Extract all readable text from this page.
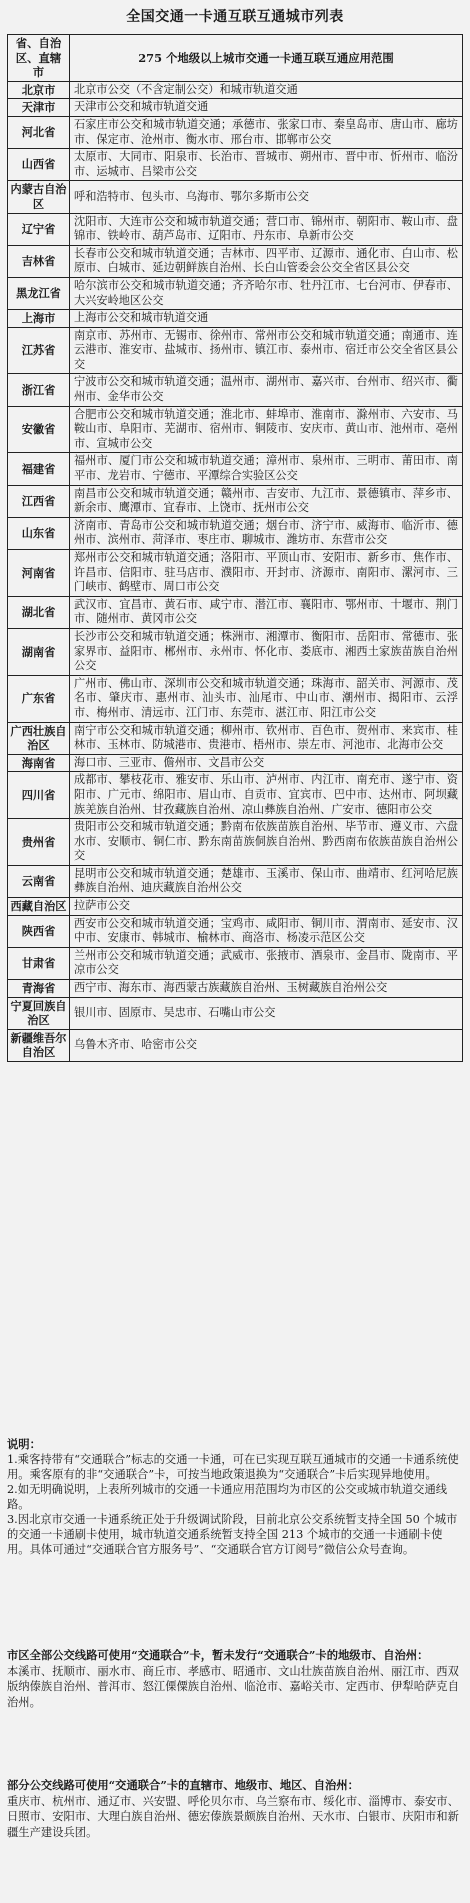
全国交通一卡通互联互通城市列表
省、自治区、直辖市	275 个地级以上城市交通一卡通互联互通应用范围
北京市	北京市公交（不含定制公交）和城市轨道交通
天津市	天津市公交和城市轨道交通
河北省	石家庄市公交和城市轨道交通；承德市、张家口市、秦皇岛市、唐山市、廊坊市、保定市、沧州市、衡水市、邢台市、邯郸市公交
山西省	太原市、大同市、阳泉市、长治市、晋城市、朔州市、晋中市、忻州市、临汾市、运城市、吕梁市公交
内蒙古自治区	呼和浩特市、包头市、乌海市、鄂尔多斯市公交
辽宁省	沈阳市、大连市公交和城市轨道交通；营口市、锦州市、朝阳市、鞍山市、盘锦市、铁岭市、葫芦岛市、辽阳市、丹东市、阜新市公交
吉林省	长春市公交和城市轨道交通；吉林市、四平市、辽源市、通化市、白山市、松原市、白城市、延边朝鲜族自治州、长白山管委会公交全省区县公交
黑龙江省	哈尔滨市公交和城市轨道交通；齐齐哈尔市、牡丹江市、七台河市、伊春市、大兴安岭地区公交
上海市	上海市公交和城市轨道交通
江苏省	南京市、苏州市、无锡市、徐州市、常州市公交和城市轨道交通；南通市、连云港市、淮安市、盐城市、扬州市、镇江市、泰州市、宿迁市公交全省区县公交
浙江省	宁波市公交和城市轨道交通；温州市、湖州市、嘉兴市、台州市、绍兴市、衢州市、金华市公交
安徽省	合肥市公交和城市轨道交通；淮北市、蚌埠市、淮南市、滁州市、六安市、马鞍山市、阜阳市、芜湖市、宿州市、铜陵市、安庆市、黄山市、池州市、亳州市、宣城市公交
福建省	福州市、厦门市公交和城市轨道交通；漳州市、泉州市、三明市、莆田市、南平市、龙岩市、宁德市、平潭综合实验区公交
江西省	南昌市公交和城市轨道交通；赣州市、吉安市、九江市、景德镇市、萍乡市、新余市、鹰潭市、宜春市、上饶市、抚州市公交
山东省	济南市、青岛市公交和城市轨道交通；烟台市、济宁市、威海市、临沂市、德州市、滨州市、菏泽市、枣庄市、聊城市、潍坊市、东营市公交
河南省	郑州市公交和城市轨道交通；洛阳市、平顶山市、安阳市、新乡市、焦作市、许昌市、信阳市、驻马店市、濮阳市、开封市、济源市、南阳市、漯河市、三门峡市、鹤壁市、周口市公交
湖北省	武汉市、宜昌市、黄石市、咸宁市、潜江市、襄阳市、鄂州市、十堰市、荆门市、随州市、黄冈市公交
湖南省	长沙市公交和城市轨道交通；株洲市、湘潭市、衡阳市、岳阳市、常德市、张家界市、益阳市、郴州市、永州市、怀化市、娄底市、湘西土家族苗族自治州公交
广东省	广州市、佛山市、深圳市公交和城市轨道交通；珠海市、韶关市、河源市、茂名市、肇庆市、惠州市、汕头市、汕尾市、中山市、潮州市、揭阳市、云浮市、梅州市、清远市、江门市、东莞市、湛江市、阳江市公交
广西壮族自治区	南宁市公交和城市轨道交通；柳州市、钦州市、百色市、贺州市、来宾市、桂林市、玉林市、防城港市、贵港市、梧州市、崇左市、河池市、北海市公交
海南省	海口市、三亚市、儋州市、文昌市公交
四川省	成都市、攀枝花市、雅安市、乐山市、泸州市、内江市、南充市、遂宁市、资阳市、广元市、绵阳市、眉山市、自贡市、宜宾市、巴中市、达州市、阿坝藏族羌族自治州、甘孜藏族自治州、凉山彝族自治州、广安市、德阳市公交
贵州省	贵阳市公交和城市轨道交通；黔南布依族苗族自治州、毕节市、遵义市、六盘水市、安顺市、铜仁市、黔东南苗族侗族自治州、黔西南布依族苗族自治州公交
云南省	昆明市公交和城市轨道交通；楚雄市、玉溪市、保山市、曲靖市、红河哈尼族彝族自治州、迪庆藏族自治州公交
西藏自治区	拉萨市公交
陕西省	西安市公交和城市轨道交通；宝鸡市、咸阳市、铜川市、渭南市、延安市、汉中市、安康市、韩城市、榆林市、商洛市、杨凌示范区公交
甘肃省	兰州市公交和城市轨道交通；武威市、张掖市、酒泉市、金昌市、陇南市、平凉市公交
青海省	西宁市、海东市、海西蒙古族藏族自治州、玉树藏族自治州公交
宁夏回族自治区	银川市、固原市、吴忠市、石嘴山市公交
新疆维吾尔自治区	乌鲁木齐市、哈密市公交
说明：

1.乘客持带有“交通联合”标志的交通一卡通，可在已实现互联互通城市的交通一卡通系统使用。乘客原有的非“交通联合”卡，可按当地政策退换为“交通联合”卡后实现异地使用。

2.如无明确说明，上表所列城市的交通一卡通应用范围均为市区的公交或城市轨道交通线路。

3.因北京市交通一卡通系统正处于升级调试阶段，目前北京公交系统暂支持全国 50 个城市的交通一卡通刷卡使用，城市轨道交通系统暂支持全国 213 个城市的交通一卡通刷卡使用。具体可通过“交通联合官方服务号”、“交通联合官方订阅号”微信公众号查询。

市区全部公交线路可使用“交通联合”卡，暂未发行“交通联合”卡的地级市、自治州：
本溪市、抚顺市、丽水市、商丘市、孝感市、昭通市、文山壮族苗族自治州、丽江市、西双版纳傣族自治州、普洱市、怒江傈僳族自治州、临沧市、嘉峪关市、定西市、伊犁哈萨克自治州。
部分公交线路可使用“交通联合”卡的直辖市、地级市、地区、自治州：
重庆市、杭州市、通辽市、兴安盟、呼伦贝尔市、乌兰察布市、绥化市、淄博市、泰安市、日照市、安阳市、大理白族自治州、德宏傣族景颇族自治州、天水市、白银市、庆阳市和新疆生产建设兵团。
